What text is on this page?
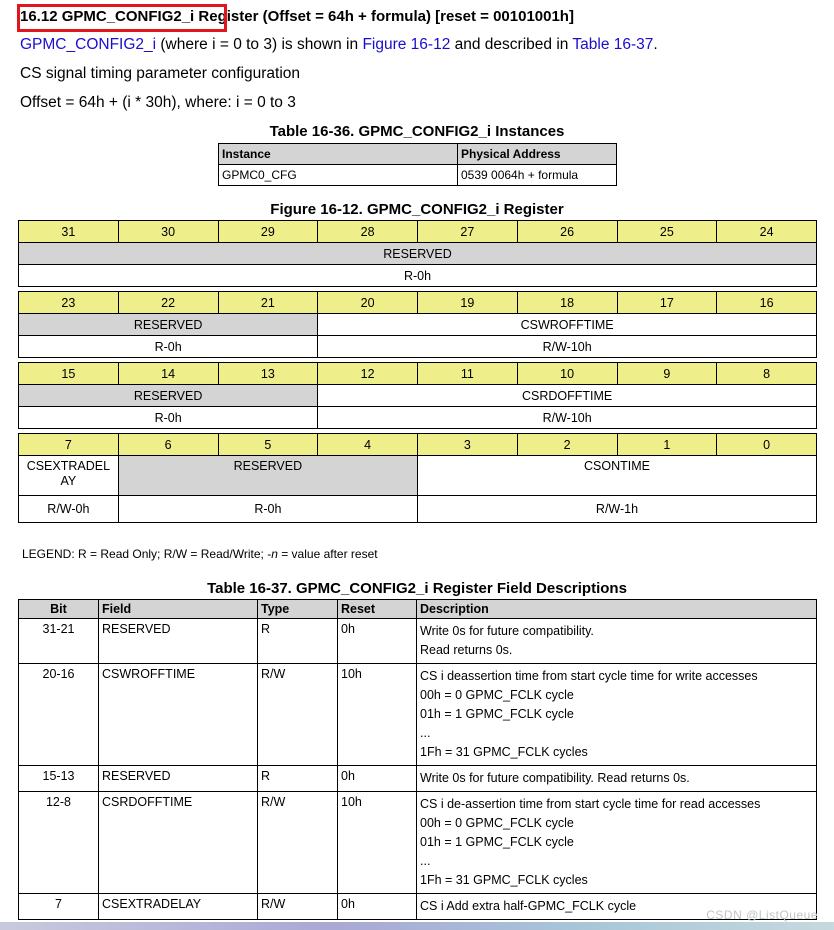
16.12 GPMC_CONFIG2_i Register (Offset = 64h + formula) [reset = 00101001h]
GPMC_CONFIG2_i (where i = 0 to 3) is shown in Figure 16-12 and described in Table 16-37.
CS signal timing parameter configuration
Offset = 64h + (i * 30h), where: i = 0 to 3
Table 16-36. GPMC_CONFIG2_i Instances
Instance	Physical Address
GPMC0_CFG	0539 0064h + formula
Figure 16-12. GPMC_CONFIG2_i Register
31	30	29	28	27	26	25	24
RESERVED							
R-0h							

23	22	21	20	19	18	17	16
RESERVED			CSWROFFTIME				
R-0h			R/W-10h				

15	14	13	12	11	10	9	8
RESERVED			CSRDOFFTIME				
R-0h			R/W-10h				

7	6	5	4	3	2	1	0
CSEXTRADEL
AY	RESERVED			CSONTIME			
R/W-0h	R-0h			R/W-1h			
LEGEND: R = Read Only; R/W = Read/Write; -n = value after reset
Table 16-37. GPMC_CONFIG2_i Register Field Descriptions
Bit	Field	Type	Reset	Description
31-21	RESERVED	R	0h	Write 0s for future compatibility.
Read returns 0s.

20-16	CSWROFFTIME	R/W	10h	CS i deassertion time from start cycle time for write accesses
00h = 0 GPMC_FCLK cycle
01h = 1 GPMC_FCLK cycle
...
1Fh = 31 GPMC_FCLK cycles

15-13	RESERVED	R	0h	Write 0s for future compatibility. Read returns 0s.

12-8	CSRDOFFTIME	R/W	10h	CS i de-assertion time from start cycle time for read accesses
00h = 0 GPMC_FCLK cycle
01h = 1 GPMC_FCLK cycle
...
1Fh = 31 GPMC_FCLK cycles

7	CSEXTRADELAY	R/W	0h	CS i Add extra half-GPMC_FCLK cycle
CSDN @ListQueue
